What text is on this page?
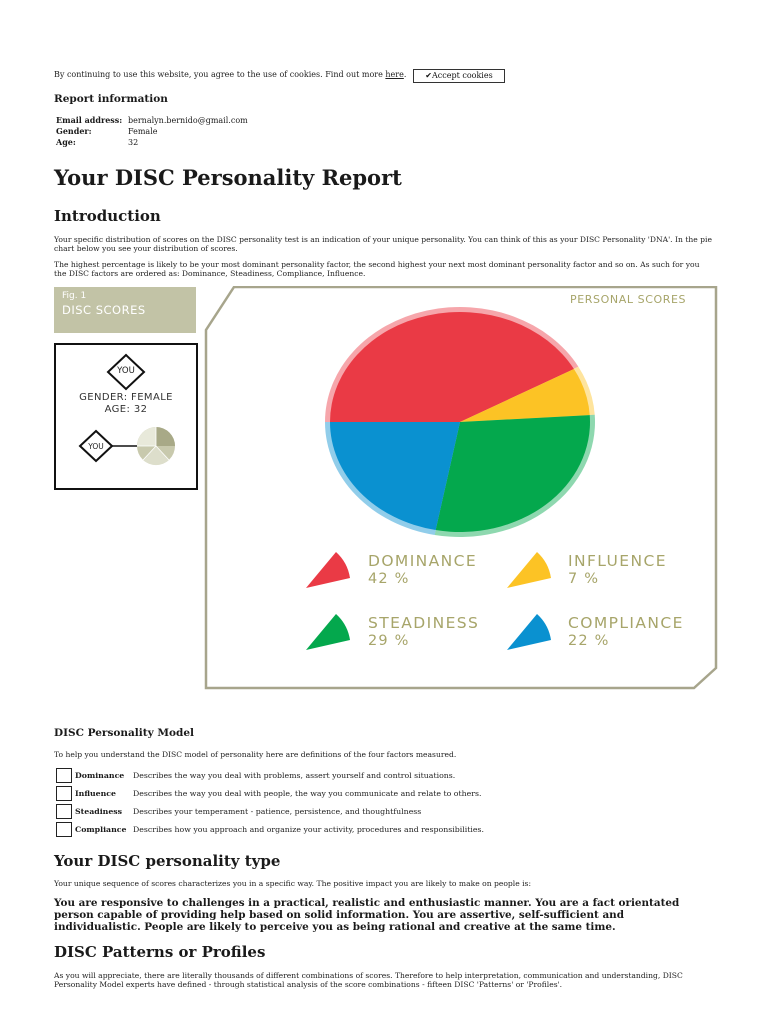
By continuing to use this website, you agree to the use of cookies. Find out more here.	✔Accept cookies
Report information
Email address: bernalyn.bernido@gmail.com
Gender:	Female
Age:	32
Your DISC Personality Report
Introduction
Your specific distribution of scores on the DISC personality test is an indication of your unique personality. You can think of this as your DISC Personality 'DNA'. In the pie chart below you see your distribution of scores.
The highest percentage is likely to be your most dominant personality factor, the second highest your next most dominant personality factor and so on. As such for you the DISC factors are ordered as: Dominance, Steadiness, Compliance, Influence.
Fig. 1
DISC SCORES
YOU
YOU
GENDER: FEMALE
AGE: 32
PERSONAL SCORES
DOMINANCE
42 %
INFLUENCE
7 %
STEADINESS
29 %
COMPLIANCE
22 %
DISC Personality Model
To help you understand the DISC model of personality here are definitions of the four factors measured.
Dominance Describes the way you deal with problems, assert yourself and control situations.
Influence Describes the way you deal with people, the way you communicate and relate to others.
Steadiness Describes your temperament - patience, persistence, and thoughtfulness
Compliance Describes how you approach and organize your activity, procedures and responsibilities.
Your DISC personality type
Your unique sequence of scores characterizes you in a specific way. The positive impact you are likely to make on people is:
You are responsive to challenges in a practical, realistic and enthusiastic manner. You are a fact orientated person capable of providing help based on solid information. You are assertive, self-sufficient and individualistic. People are likely to perceive you as being rational and creative at the same time.
DISC Patterns or Profiles
As you will appreciate, there are literally thousands of different combinations of scores. Therefore to help interpretation, communication and understanding, DISC Personality Model experts have defined - through statistical analysis of the score combinations - fifteen DISC 'Patterns' or 'Profiles'.
